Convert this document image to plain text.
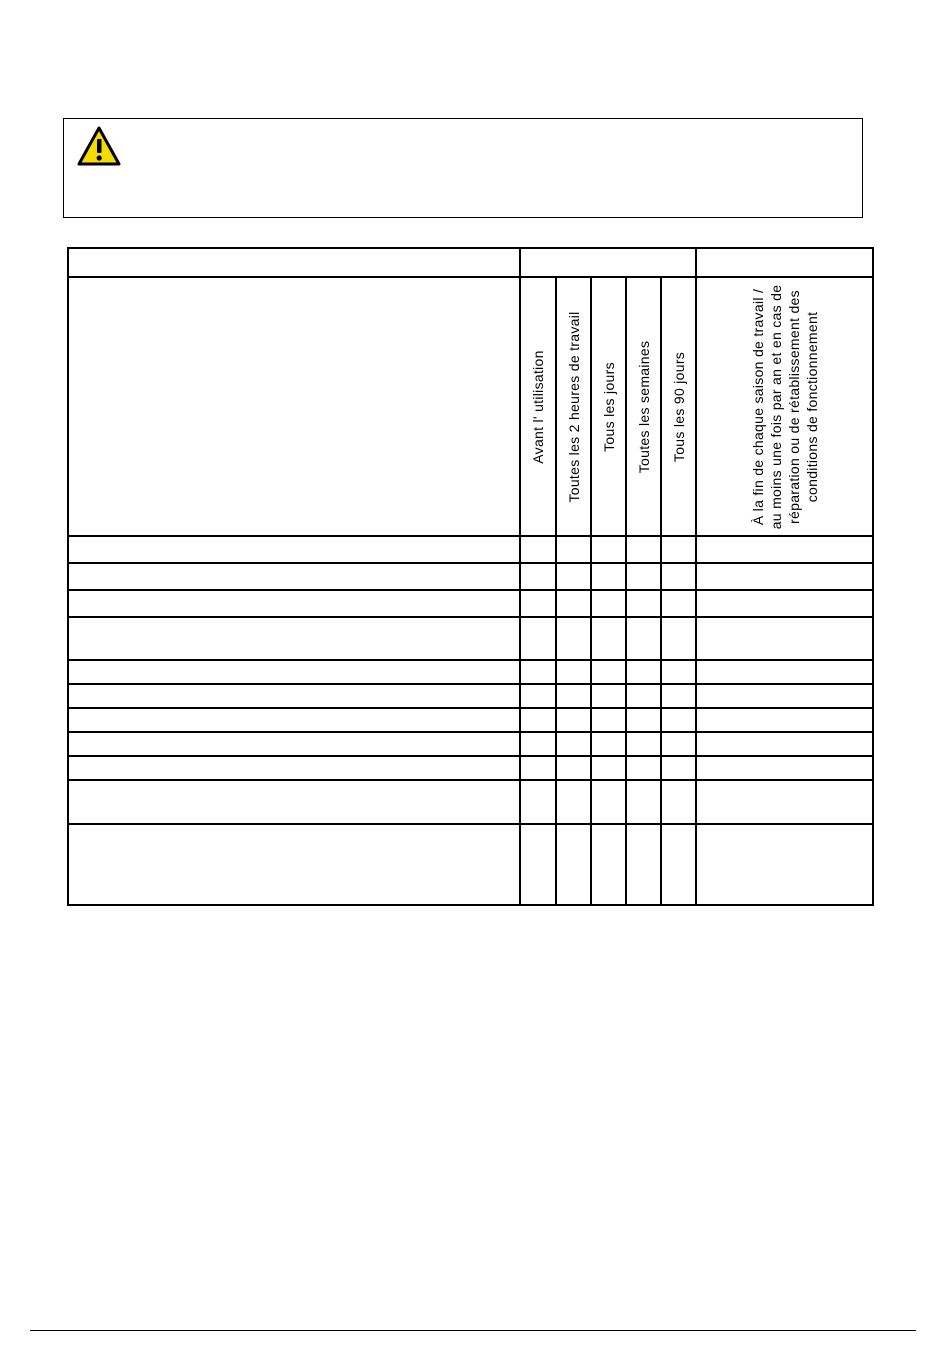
	Avant l' utilisation	Toutes les 2 heures de travail	Tous les jours	Toutes les semaines	Tous les 90 jours	À la fin de chaque saison de travail / au moins une fois par an et en cas de réparation ou de rétablissement des conditions de fonctionnement
